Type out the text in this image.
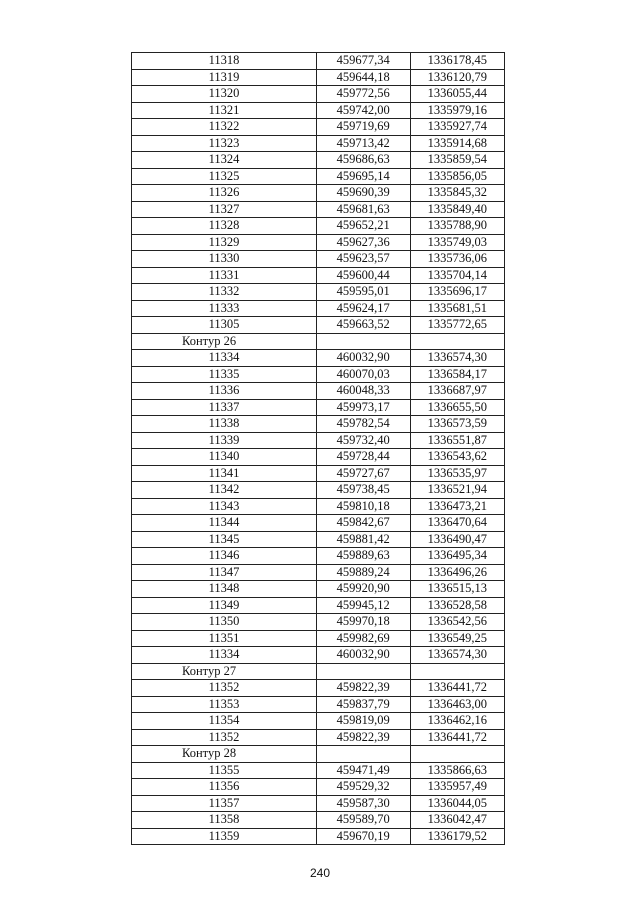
11318	459677,34	1336178,45
11319	459644,18	1336120,79
11320	459772,56	1336055,44
11321	459742,00	1335979,16
11322	459719,69	1335927,74
11323	459713,42	1335914,68
11324	459686,63	1335859,54
11325	459695,14	1335856,05
11326	459690,39	1335845,32
11327	459681,63	1335849,40
11328	459652,21	1335788,90
11329	459627,36	1335749,03
11330	459623,57	1335736,06
11331	459600,44	1335704,14
11332	459595,01	1335696,17
11333	459624,17	1335681,51
11305	459663,52	1335772,65
Контур 26		
11334	460032,90	1336574,30
11335	460070,03	1336584,17
11336	460048,33	1336687,97
11337	459973,17	1336655,50
11338	459782,54	1336573,59
11339	459732,40	1336551,87
11340	459728,44	1336543,62
11341	459727,67	1336535,97
11342	459738,45	1336521,94
11343	459810,18	1336473,21
11344	459842,67	1336470,64
11345	459881,42	1336490,47
11346	459889,63	1336495,34
11347	459889,24	1336496,26
11348	459920,90	1336515,13
11349	459945,12	1336528,58
11350	459970,18	1336542,56
11351	459982,69	1336549,25
11334	460032,90	1336574,30
Контур 27		
11352	459822,39	1336441,72
11353	459837,79	1336463,00
11354	459819,09	1336462,16
11352	459822,39	1336441,72
Контур 28		
11355	459471,49	1335866,63
11356	459529,32	1335957,49
11357	459587,30	1336044,05
11358	459589,70	1336042,47
11359	459670,19	1336179,52
240
